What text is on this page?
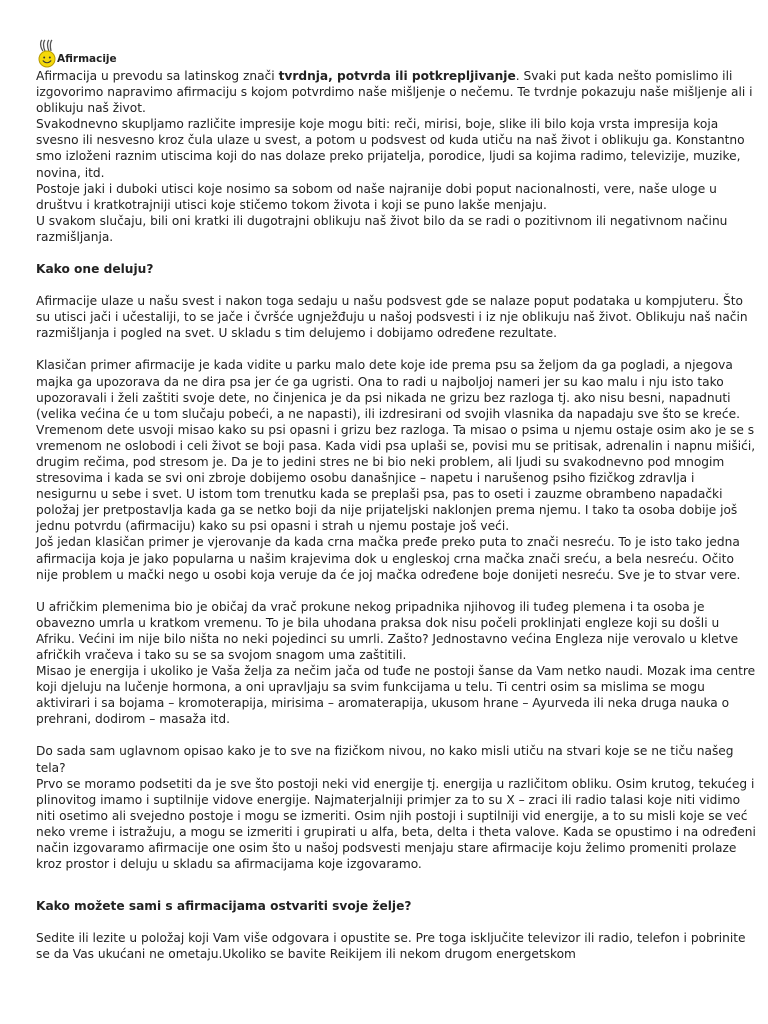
Afirmacije

Afirmacija u prevodu sa latinskog znači tvrdnja, potvrda ili potkrepljivanje. Svaki put kada nešto pomislimo ili izgovorimo napravimo afirmaciju s kojom potvrdimo naše mišljenje o nečemu. Te tvrdnje pokazuju naše mišljenje ali i oblikuju naš život.

Svakodnevno skupljamo različite impresije koje mogu biti: reči, mirisi, boje, slike ili bilo koja vrsta impresija koja svesno ili nesvesno kroz čula ulaze u svest, a potom u podsvest od kuda utiču na naš život i oblikuju ga. Konstantno smo izloženi raznim utiscima koji do nas dolaze preko prijatelja, porodice, ljudi sa kojima radimo, televizije, muzike, novina, itd.

Postoje jaki i duboki utisci koje nosimo sa sobom od naše najranije dobi poput nacionalnosti, vere, naše uloge u društvu i kratkotrajniji utisci koje stičemo tokom života i koji se puno lakše menjaju.

U svakom slučaju, bili oni kratki ili dugotrajni oblikuju naš život bilo da se radi o pozitivnom ili negativnom načinu razmišljanja.

Kako one deluju?

Afirmacije ulaze u našu svest i nakon toga sedaju u našu podsvest gde se nalaze poput podataka u kompjuteru. Što su utisci jači i učestaliji, to se jače i čvršće ugnježđuju u našoj podsvesti i iz nje oblikuju naš život. Oblikuju naš način razmišljanja i pogled na svet. U skladu s tim delujemo i dobijamo određene rezultate.

Klasičan primer afirmacije je kada vidite u parku malo dete koje ide prema psu sa željom da ga pogladi, a njegova majka ga upozorava da ne dira psa jer će ga ugristi. Ona to radi u najboljoj nameri jer su kao malu i nju isto tako upozoravali i želi zaštiti svoje dete, no činjenica je da psi nikada ne grizu bez razloga tj. ako nisu besni, napadnuti (velika većina će u tom slučaju pobeći, a ne napasti), ili izdresirani od svojih vlasnika da napadaju sve što se kreće. Vremenom dete usvoji misao kako su psi opasni i grizu bez razloga. Ta misao o psima u njemu ostaje osim ako je se s vremenom ne oslobodi i celi život se boji pasa. Kada vidi psa uplaši se, povisi mu se pritisak, adrenalin i napnu mišići, drugim rečima, pod stresom je. Da je to jedini stres ne bi bio neki problem, ali ljudi su svakodnevno pod mnogim stresovima i kada se svi oni zbroje dobijemo osobu današnjice – napetu i narušenog psiho fizičkog zdravlja i nesigurnu u sebe i svet. U istom tom trenutku kada se preplaši psa, pas to oseti i zauzme obrambeno napadački položaj jer pretpostavlja kada ga se netko boji da nije prijateljski naklonjen prema njemu. I tako ta osoba dobije još jednu potvrdu (afirmaciju) kako su psi opasni i strah u njemu postaje još veći.

Još jedan klasičan primer je vjerovanje da kada crna mačka pređe preko puta to znači nesreću. To je isto tako jedna afirmacija koja je jako popularna u našim krajevima dok u engleskoj crna mačka znači sreću, a bela nesreću. Očito nije problem u mački nego u osobi koja veruje da će joj mačka određene boje donijeti nesreću. Sve je to stvar vere.

U afričkim plemenima bio je običaj da vrač prokune nekog pripadnika njihovog ili tuđeg plemena i ta osoba je obavezno umrla u kratkom vremenu. To je bila uhodana praksa dok nisu počeli proklinjati engleze koji su došli u Afriku. Većini im nije bilo ništa no neki pojedinci su umrli. Zašto? Jednostavno većina Engleza nije verovalo u kletve afričkih vračeva i tako su se sa svojom snagom uma zaštitili.

Misao je energija i ukoliko je Vaša želja za nečim jača od tuđe ne postoji šanse da Vam netko naudi. Mozak ima centre koji djeluju na lučenje hormona, a oni upravljaju sa svim funkcijama u telu. Ti centri osim sa mislima se mogu aktivirari i sa bojama – kromoterapija, mirisima – aromaterapija, ukusom hrane – Ayurveda ili neka druga nauka o prehrani, dodirom – masaža itd.

Do sada sam uglavnom opisao kako je to sve na fizičkom nivou, no kako misli utiču na stvari koje se ne tiču našeg tela?

Prvo se moramo podsetiti da je sve što postoji neki vid energije tj. energija u različitom obliku. Osim krutog, tekućeg i plinovitog imamo i suptilnije vidove energije. Najmaterjalniji primjer za to su X – zraci ili radio talasi koje niti vidimo niti osetimo ali svejedno postoje i mogu se izmeriti. Osim njih postoji i suptilniji vid energije, a to su misli koje se već neko vreme i istražuju, a mogu se izmeriti i grupirati u alfa, beta, delta i theta valove. Kada se opustimo i na određeni način izgovaramo afirmacije one osim što u našoj podsvesti menjaju stare afirmacije koju želimo promeniti prolaze kroz prostor i deluju u skladu sa afirmacijama koje izgovaramo.

Kako možete sami s afirmacijama ostvariti svoje želje?

Sedite ili lezite u položaj koji Vam više odgovara i opustite se. Pre toga isključite televizor ili radio, telefon i pobrinite se da Vas ukućani ne ometaju.Ukoliko se bavite Reikijem ili nekom drugom energetskom
